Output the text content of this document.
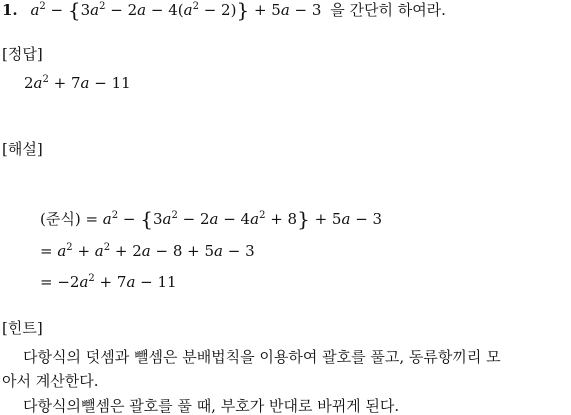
1. $a^2 - \{3a^2 - 2a - 4(a^2 - 2)\} + 5a - 3$ 을 간단히 하여라.
[정답]
$2a^2 + 7a - 11$
[해설]
(준식) = $a^2 - \{3a^2 - 2a - 4a^2 + 8\} + 5a - 3$
= $a^2 + a^2 + 2a - 8 + 5a - 3$
= $-2a^2 + 7a - 11$
[힌트]
다항식의 덧셈과 뺄셈은 분배법칙을 이용하여 괄호를 풀고, 동류항끼리 모
아서 계산한다.
다항식의뺄셈은 괄호를 풀 때, 부호가 반대로 바뀌게 된다.
